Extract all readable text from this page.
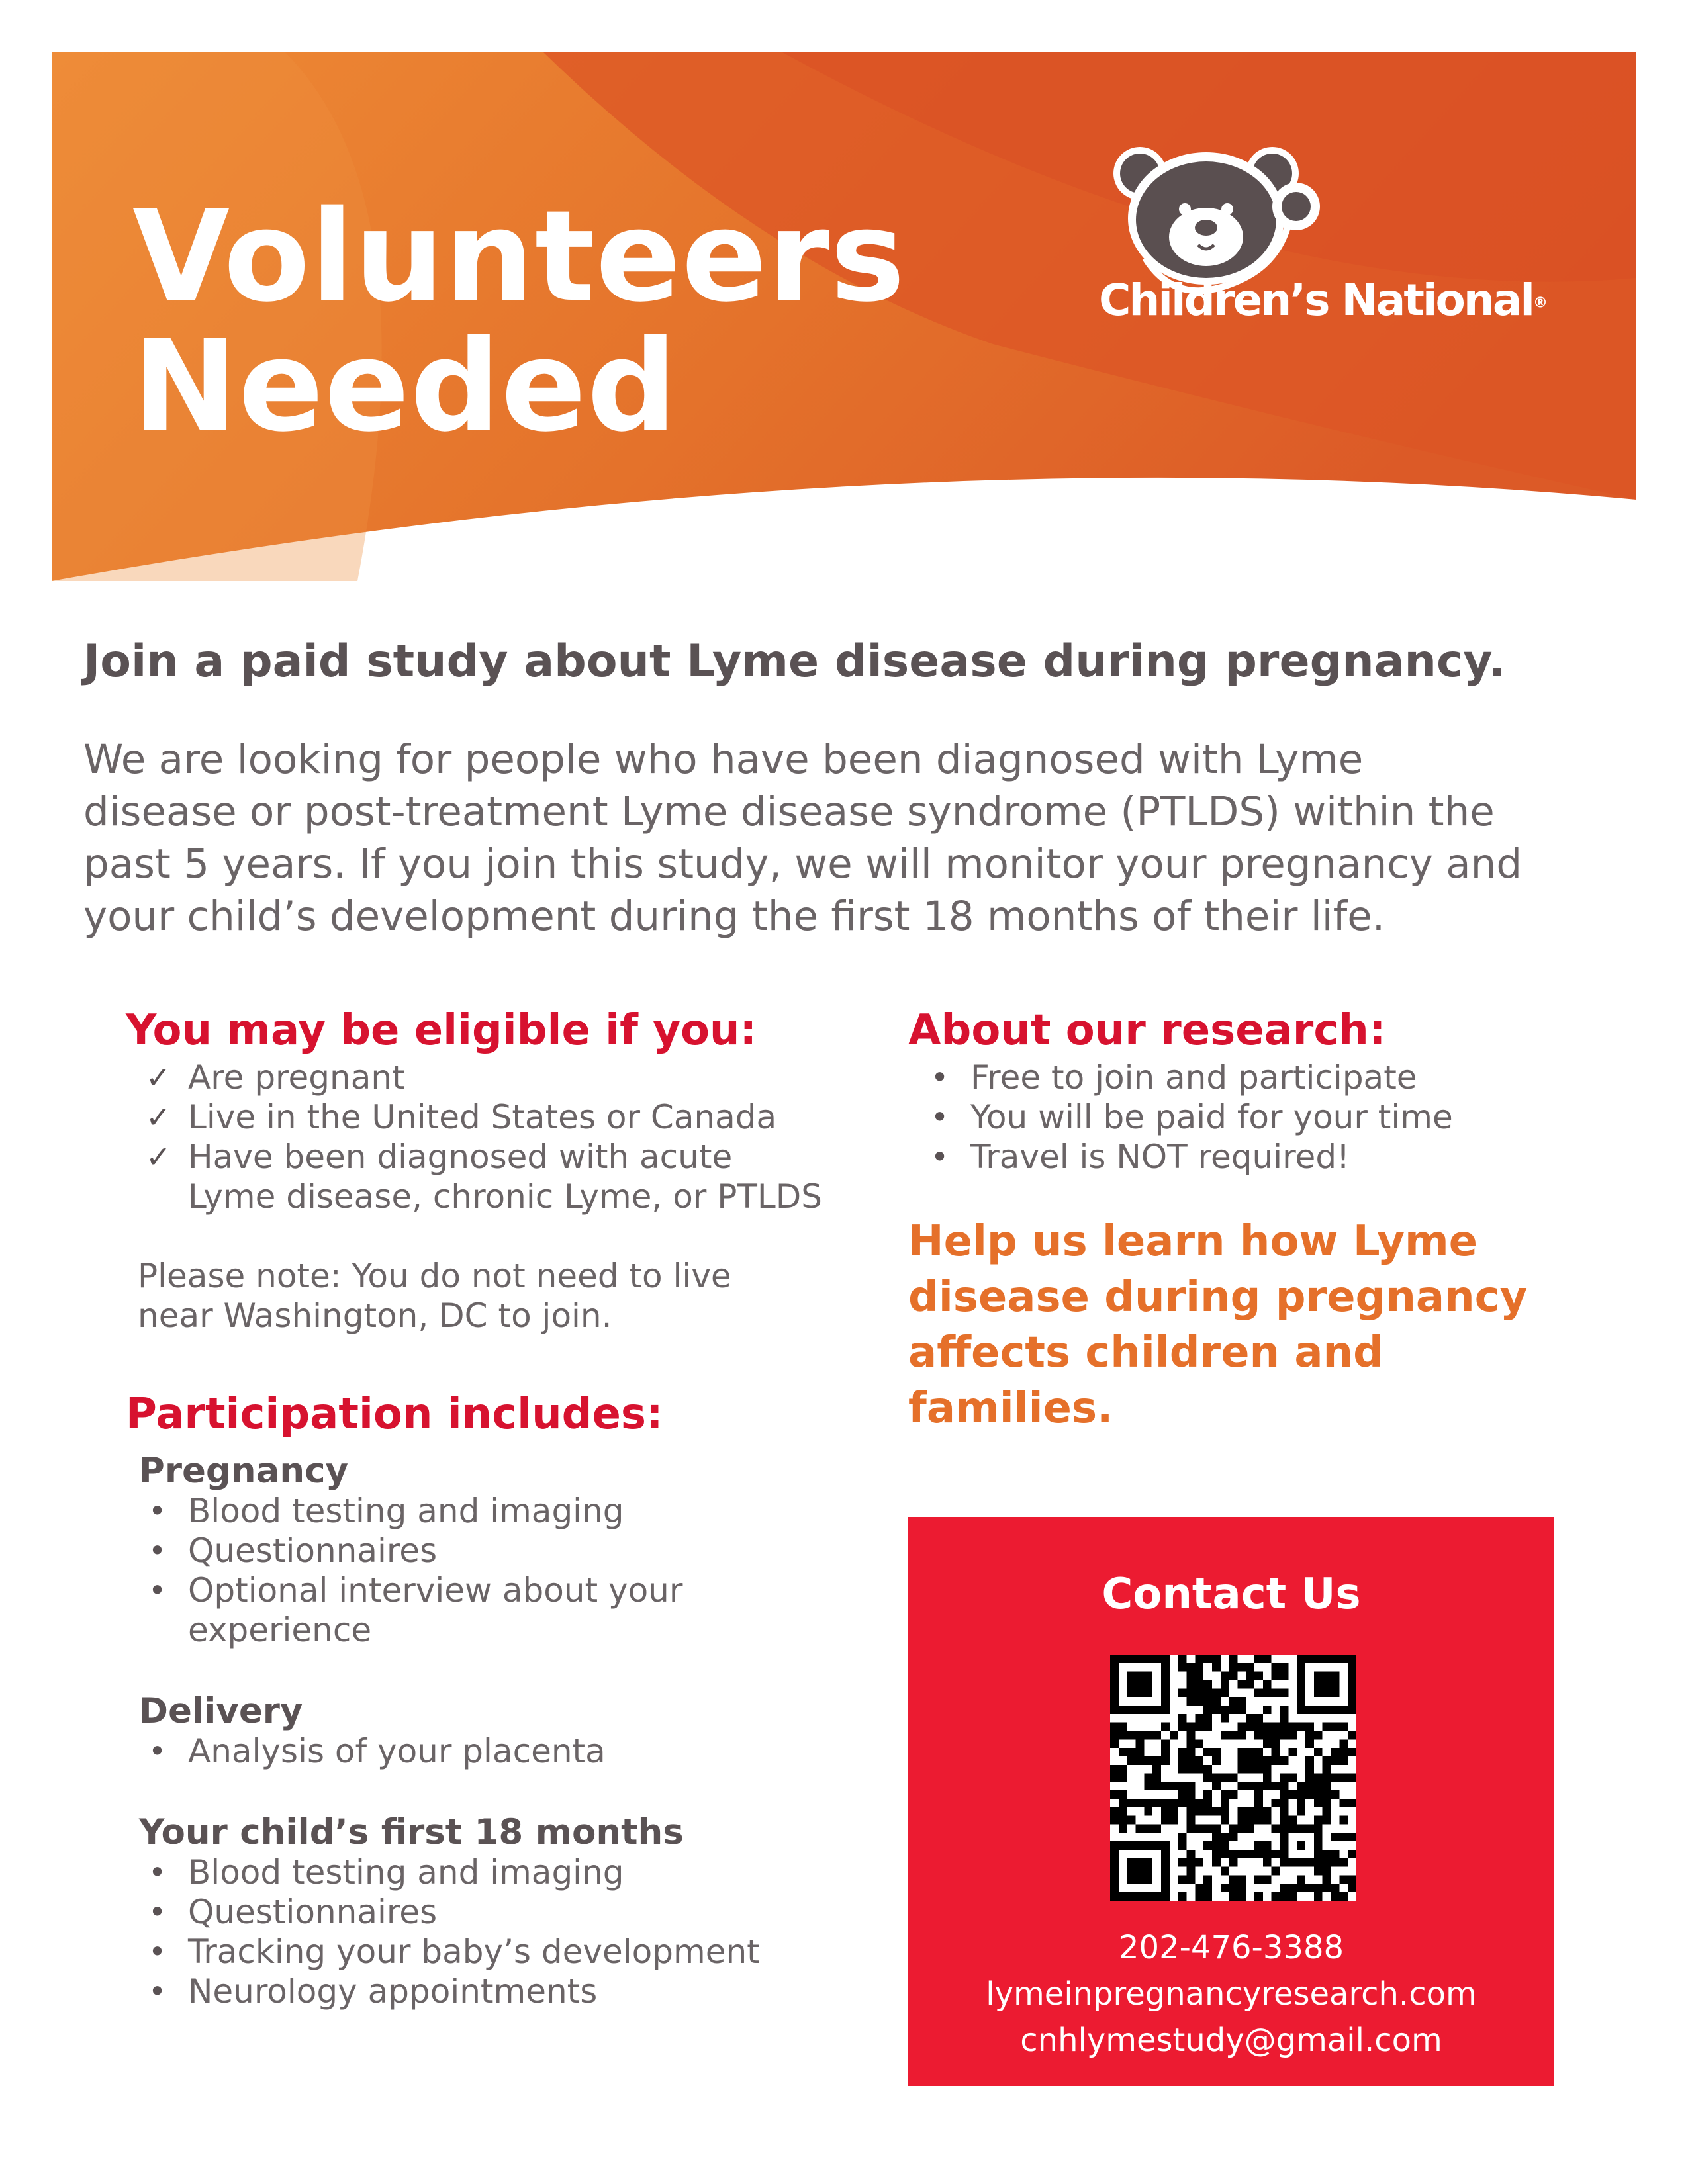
Volunteers
Needed
Children’s National®
Join a paid study about Lyme disease during pregnancy.

We are looking for people who have been diagnosed with Lyme
disease or post-treatment Lyme disease syndrome (PTLDS) within the
past 5 years. If you join this study, we will monitor your pregnancy and
your child’s development during the first 18 months of their life.

You may be eligible if you:
✓ Are pregnant
✓ Live in the United States or Canada
✓ Have been diagnosed with acute Lyme disease, chronic Lyme, or PTLDS

Please note: You do not need to live
near Washington, DC to join.

Participation includes:
Pregnancy
• Blood testing and imaging
• Questionnaires
• Optional interview about your experience
Delivery
• Analysis of your placenta
Your child’s first 18 months
• Blood testing and imaging
• Questionnaires
• Tracking your baby’s development
• Neurology appointments
About our research:
• Free to join and participate
• You will be paid for your time
• Travel is NOT required!

Help us learn how Lyme
disease during pregnancy
affects children and
families.

Contact Us
202-476-3388
lymeinpregnancyresearch.com
cnhlymestudy@gmail.com
